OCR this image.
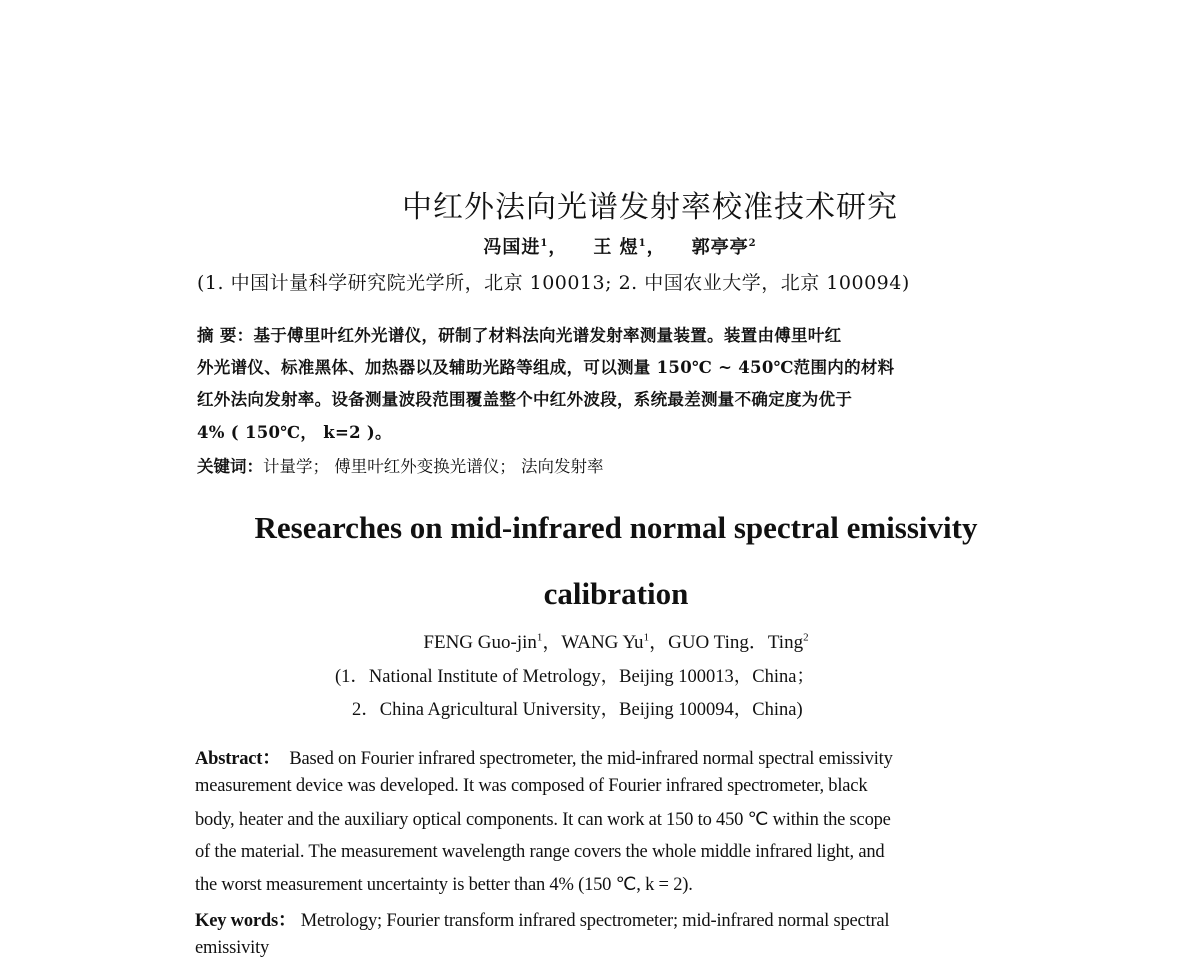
中红外法向光谱发射率校准技术研究
冯国进$^1$， 王 煜$^1$， 郭亭亭$^2$
(1. 中国计量科学研究院光学所，北京 100013; 2. 中国农业大学，北京 100094)
摘 要：基于傅里叶红外光谱仪，研制了材料法向光谱发射率测量装置。装置由傅里叶红
外光谱仪、标准黑体、加热器以及辅助光路等组成，可以测量 150℃ ~ 450℃范围内的材料
红外法向发射率。设备测量波段范围覆盖整个中红外波段，系统最差测量不确定度为优于
4% ( 150℃， k=2 )。
关键词：计量学； 傅里叶红外变换光谱仪； 法向发射率
Researches on mid-infrared normal spectral emissivity
calibration
FENG Guo-jin$^1$，WANG Yu$^1$，GUO Ting．Ting$^2$
(1．National Institute of Metrology，Beijing 100013，China；
2．China Agricultural University，Beijing 100094，China)
Abstract： Based on Fourier infrared spectrometer, the mid-infrared normal spectral emissivity
measurement device was developed. It was composed of Fourier infrared spectrometer, black
body, heater and the auxiliary optical components. It can work at 150 to 450 ℃ within the scope
of the material. The measurement wavelength range covers the whole middle infrared light, and
the worst measurement uncertainty is better than 4% (150 ℃, k = 2).
Key words： Metrology; Fourier transform infrared spectrometer; mid-infrared normal spectral
emissivity
